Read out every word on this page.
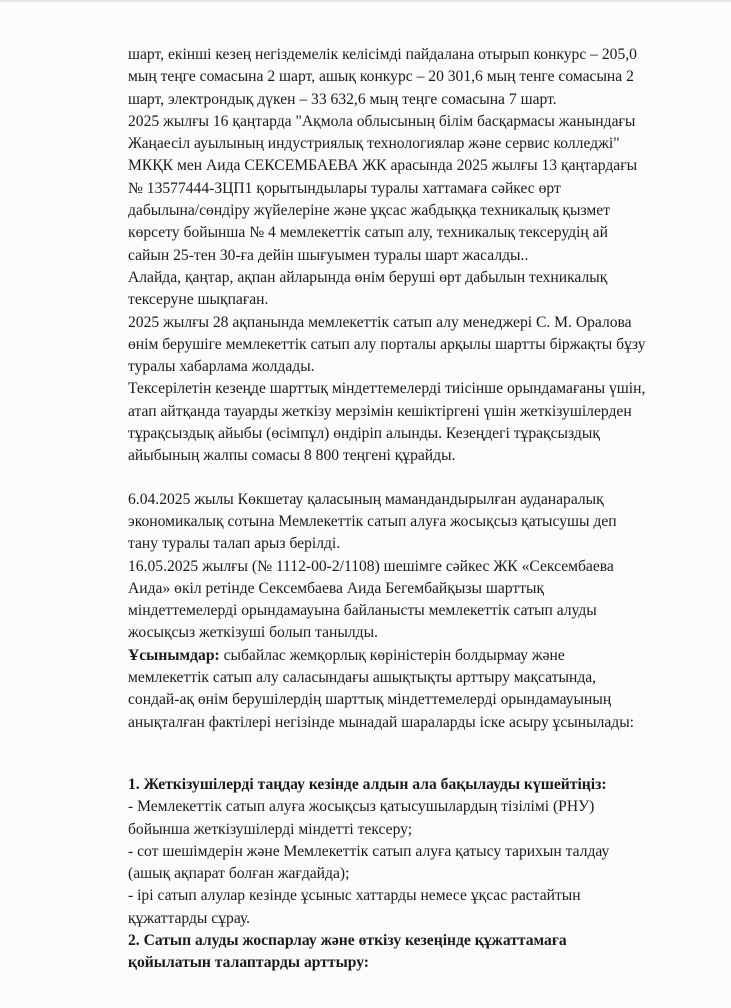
шарт, екінші кезең негіздемелік келісімді пайдалана отырып конкурс – 205,0

мың теңге сомасына 2 шарт, ашық конкурс – 20 301,6 мың тенге сомасына 2

шарт, электрондық дүкен – 33 632,6 мың теңге сомасына 7 шарт.

2025 жылғы 16 қаңтарда "Ақмола облысының білім басқармасы жанындағы

Жаңаесіл ауылының индустриялық технологиялар және сервис колледжі"

МКҚК мен Аида СЕКСЕМБАЕВА ЖК арасында 2025 жылғы 13 қаңтардағы

№ 13577444-ЗЦП1 қорытындылары туралы хаттамаға сәйкес өрт

дабылына/сөндіру жүйелеріне және ұқсас жабдыққа техникалық қызмет

көрсету бойынша № 4 мемлекеттік сатып алу, техникалық тексерудің ай

сайын 25-тен 30-ға дейін шығуымен туралы шарт жасалды..

Алайда, қаңтар, ақпан айларында өнім беруші өрт дабылын техникалық

тексеруне шықпаған.

2025 жылғы 28 ақпанында мемлекеттік сатып алу менеджері С. М. Оралова

өнім берушіге мемлекеттік сатып алу порталы арқылы шартты біржақты бұзу

туралы хабарлама жолдады.

Тексерілетін кезеңде шарттық міндеттемелерді тиісінше орындамағаны үшін,

атап айтқанда тауарды жеткізу мерзімін кешіктіргені үшін жеткізушілерден

тұрақсыздық айыбы (өсімпұл) өндіріп алынды. Кезеңдегі тұрақсыздық

айыбының жалпы сомасы 8 800 теңгені құрайды.

6.04.2025 жылы Көкшетау қаласының мамандандырылған ауданаралық

экономикалық сотына Мемлекеттік сатып алуға жосықсыз қатысушы деп

тану туралы талап арыз берілді.

16.05.2025 жылғы (№ 1112-00-2/1108) шешімге сәйкес ЖК «Сексембаева

Аида» өкіл ретінде Сексембаева Аида Бегембайқызы шарттық

міндеттемелерді орындамауына байланысты мемлекеттік сатып алуды

жосықсыз жеткізуші болып танылды.

Ұсынымдар: сыбайлас жемқорлық көріністерін болдырмау және

мемлекеттік сатып алу саласындағы ашықтықты арттыру мақсатында,

сондай-ақ өнім берушілердің шарттық міндеттемелерді орындамауының

анықталған фактілері негізінде мынадай шараларды іске асыру ұсынылады:

1. Жеткізушілерді таңдау кезінде алдын ала бақылауды күшейтіңіз:

- Мемлекеттік сатып алуға жосықсыз қатысушылардың тізілімі (РНУ)

бойынша жеткізушілерді міндетті тексеру;

- сот шешімдерін және Мемлекеттік сатып алуға қатысу тарихын талдау

(ашық ақпарат болған жағдайда);

- ірі сатып алулар кезінде ұсыныс хаттарды немесе ұқсас растайтын

құжаттарды сұрау.

2. Сатып алуды жоспарлау және өткізу кезеңінде құжаттамаға

қойылатын талаптарды арттыру:
